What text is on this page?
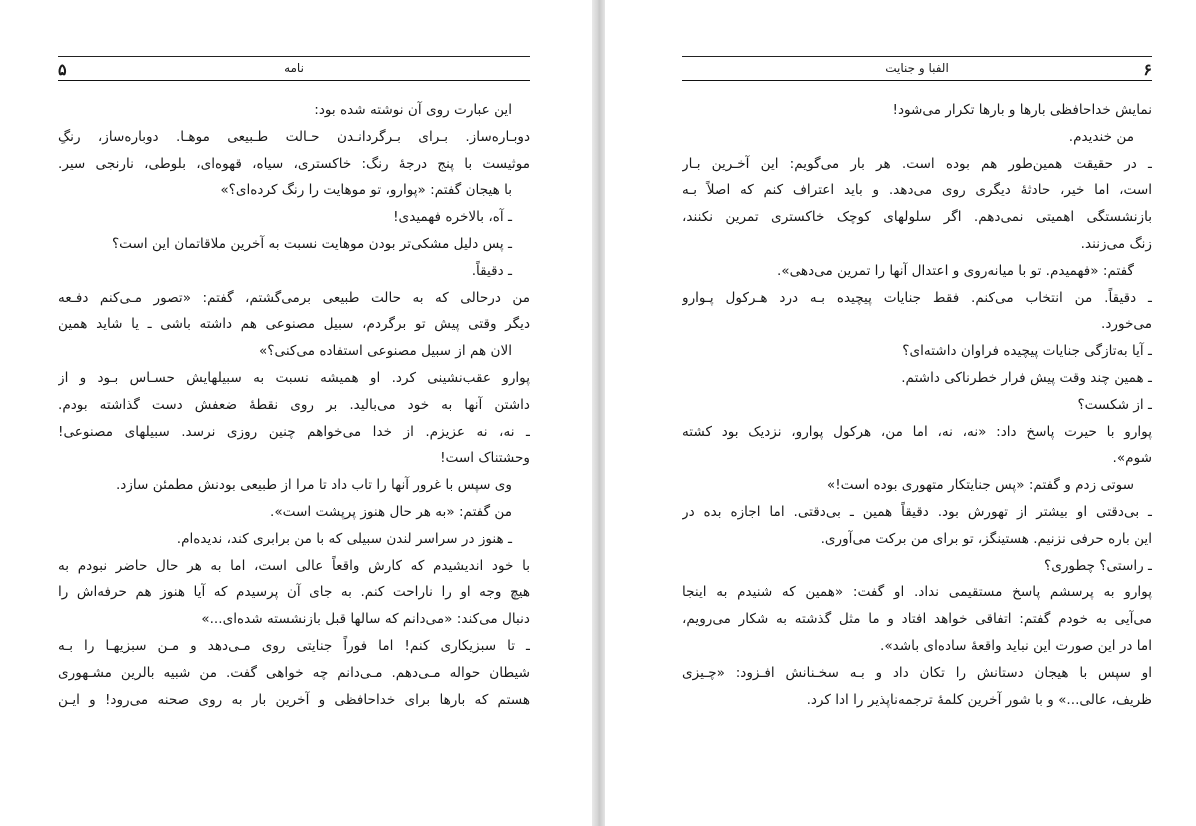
۵	نامه
این عبارت روی آن نوشته شده بود:
دوبـاره‌ساز. بـرای بـرگردانـدن حـالت طـبیعی موهـا. دوباره‌ساز، رنگِ
موثیست با پنج درجهٔ رنگ: خاکستری، سیاه، قهوه‌ای، بلوطی، نارنجی سیر.
با هیجان گفتم: «پوارو، تو موهایت را رنگ کرده‌ای؟»
ـ آه، بالاخره فهمیدی!
ـ پس دلیل مشکی‌تر بودن موهایت نسبت به آخرین ملاقاتمان این است؟
ـ دقیقاً.
من درحالی که به حالت طبیعی برمی‌گشتم، گفتم: «تصور مـی‌کنم دفـعه
دیگر وقتی پیش تو برگردم، سبیل مصنوعی هم داشته باشی ـ یا شاید همین
الان هم از سبیل مصنوعی استفاده می‌کنی؟»
پوارو عقب‌نشینی کرد. او همیشه نسبت به سبیلهایش حسـاس بـود و از
داشتن آنها به خود می‌بالید. بر روی نقطهٔ ضعفش دست گذاشته بودم.
ـ نه، نه عزیزم. از خدا می‌خواهم چنین روزی نرسد. سبیلهای مصنوعی!
وحشتناک است!
وی سپس با غرور آنها را تاب داد تا مرا از طبیعی بودنش مطمئن سازد.
من گفتم: «به هر حال هنوز پرپشت است».
ـ هنوز در سراسر لندن سبیلی که با من برابری کند، ندیده‌ام.
با خود اندیشیدم که کارش واقعاً عالی است، اما به هر حال حاضر نبودم به
هیچ وجه او را ناراحت کنم. به جای آن پرسیدم که آیا هنوز هم حرفه‌اش را
دنبال می‌کند: «می‌دانم که سالها قبل بازنشسته شده‌ای...»
ـ تا سبزیکاری کنم! اما فوراً جنایتی روی مـی‌دهد و مـن سبزیهـا را بـه
شیطان حواله مـی‌دهم. مـی‌دانم چه خواهی گفت. من شبیه بالرین مشـهوری
هستم که بارها برای خداحافظی و آخرین بار به روی صحنه می‌رود! و ایـن
۶
الفبا و جنایت
نمایش خداحافظی بارها و بارها تکرار می‌شود!
من خندیدم.
ـ در حقیقت همین‌طور هم بوده است. هر بار می‌گویم: این آخـرین بـار
است، اما خیر، حادثهٔ دیگری روی می‌دهد. و باید اعتراف کنم که اصلاً بـه
بازنشستگی اهمیتی نمی‌دهم. اگر سلولهای کوچک خاکستری تمرین نکنند،
زنگ می‌زنند.
گفتم: «فهمیدم. تو با میانه‌روی و اعتدال آنها را تمرین می‌دهی».
ـ دقیقاً. من انتخاب می‌کنم. فقط جنایات پیچیده بـه درد هـرکول پـوارو
می‌خورد.
ـ آیا به‌تازگی جنایات پیچیده فراوان داشته‌ای؟
ـ همین چند وقت پیش فرار خطرناکی داشتم.
ـ از شکست؟
پوارو با حیرت پاسخ داد: «نه، نه، اما من، هرکول پوارو، نزدیک بود کشته
شوم».
سوتی زدم و گفتم: «پس جنایتکار متهوری بوده است!»
ـ بی‌دقتی او بیشتر از تهورش بود. دقیقاً همین ـ بی‌دقتی. اما اجازه بده در
این باره حرفی نزنیم. هستینگز، تو برای من برکت می‌آوری.
ـ راستی؟ چطوری؟
پوارو به پرسشم پاسخ مستقیمی نداد. او گفت: «همین که شنیدم به اینجا
می‌آیی به خودم گفتم: اتفاقی خواهد افتاد و ما مثل گذشته به شکار می‌رویم،
اما در این صورت این نباید واقعهٔ ساده‌ای باشد».
او سپس با هیجان دستانش را تکان داد و بـه سخـنانش افـزود: «چـیزی
ظریف، عالی...» و با شور آخرین کلمهٔ ترجمه‌ناپذیر را ادا کرد.
